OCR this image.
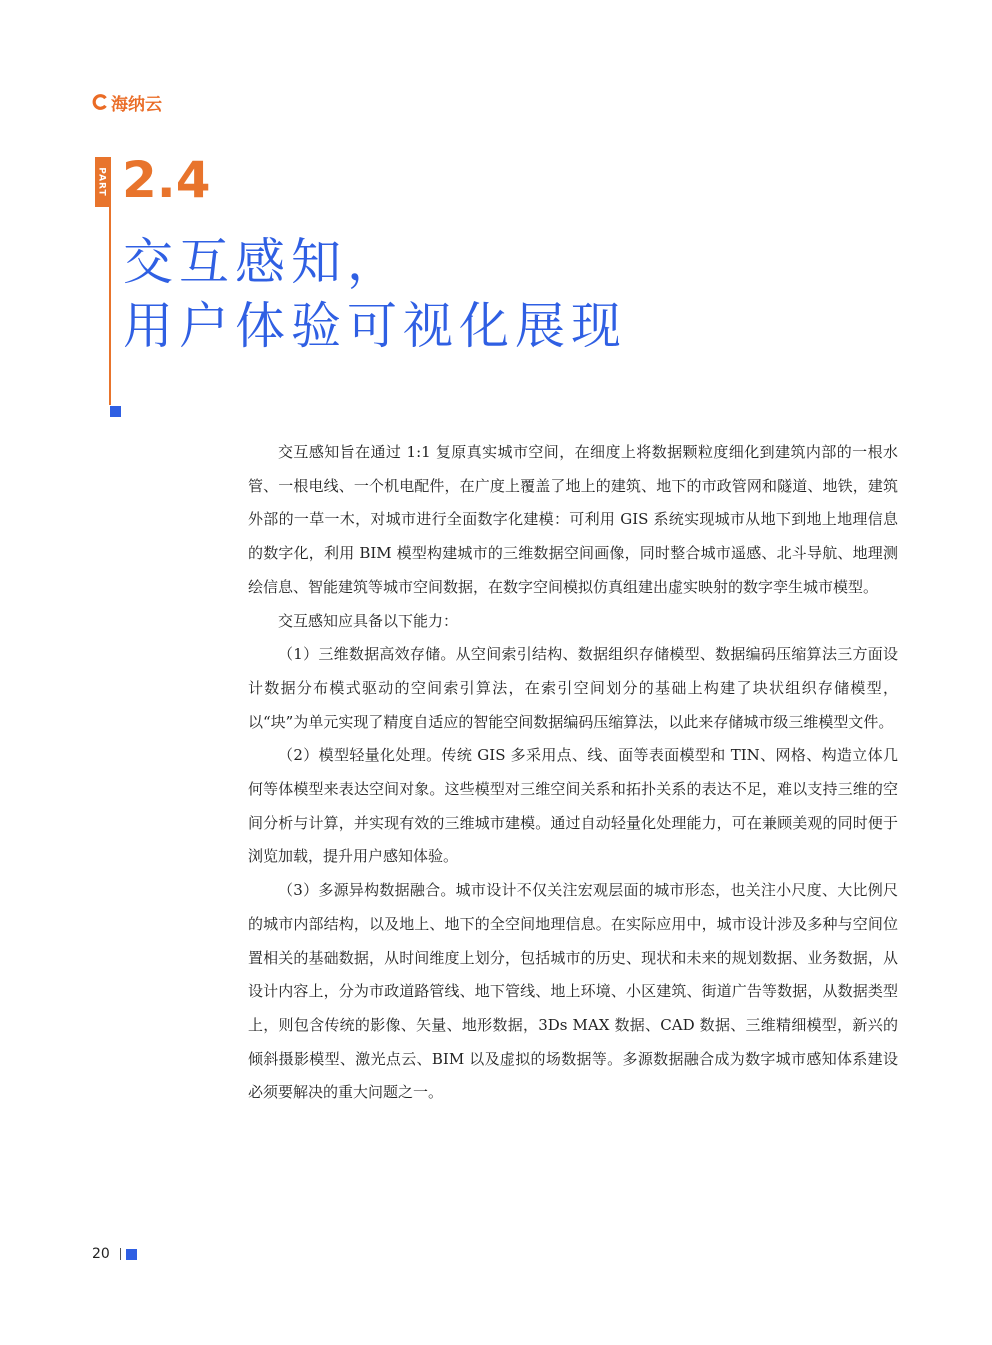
海纳云
PART 2.4
交互感知，
用户体验可视化展现

交互感知旨在通过 1:1 复原真实城市空间，在细度上将数据颗粒度细化到建筑内部的一根水管、一根电线、一个机电配件，在广度上覆盖了地上的建筑、地下的市政管网和隧道、地铁，建筑外部的一草一木，对城市进行全面数字化建模：可利用 GIS 系统实现城市从地下到地上地理信息的数字化，利用 BIM 模型构建城市的三维数据空间画像，同时整合城市遥感、北斗导航、地理测绘信息、智能建筑等城市空间数据，在数字空间模拟仿真组建出虚实映射的数字孪生城市模型。

交互感知应具备以下能力：

（1）三维数据高效存储。从空间索引结构、数据组织存储模型、数据编码压缩算法三方面设计数据分布模式驱动的空间索引算法，在索引空间划分的基础上构建了块状组织存储模型，以“块”为单元实现了精度自适应的智能空间数据编码压缩算法，以此来存储城市级三维模型文件。

（2）模型轻量化处理。传统 GIS 多采用点、线、面等表面模型和 TIN、网格、构造立体几何等体模型来表达空间对象。这些模型对三维空间关系和拓扑关系的表达不足，难以支持三维的空间分析与计算，并实现有效的三维城市建模。通过自动轻量化处理能力，可在兼顾美观的同时便于浏览加载，提升用户感知体验。

（3）多源异构数据融合。城市设计不仅关注宏观层面的城市形态，也关注小尺度、大比例尺的城市内部结构，以及地上、地下的全空间地理信息。在实际应用中，城市设计涉及多种与空间位置相关的基础数据，从时间维度上划分，包括城市的历史、现状和未来的规划数据、业务数据，从设计内容上，分为市政道路管线、地下管线、地上环境、小区建筑、街道广告等数据，从数据类型上，则包含传统的影像、矢量、地形数据，3Ds MAX 数据、CAD 数据、三维精细模型，新兴的倾斜摄影模型、激光点云、BIM 以及虚拟的场数据等。多源数据融合成为数字城市感知体系建设必须要解决的重大问题之一。

20
